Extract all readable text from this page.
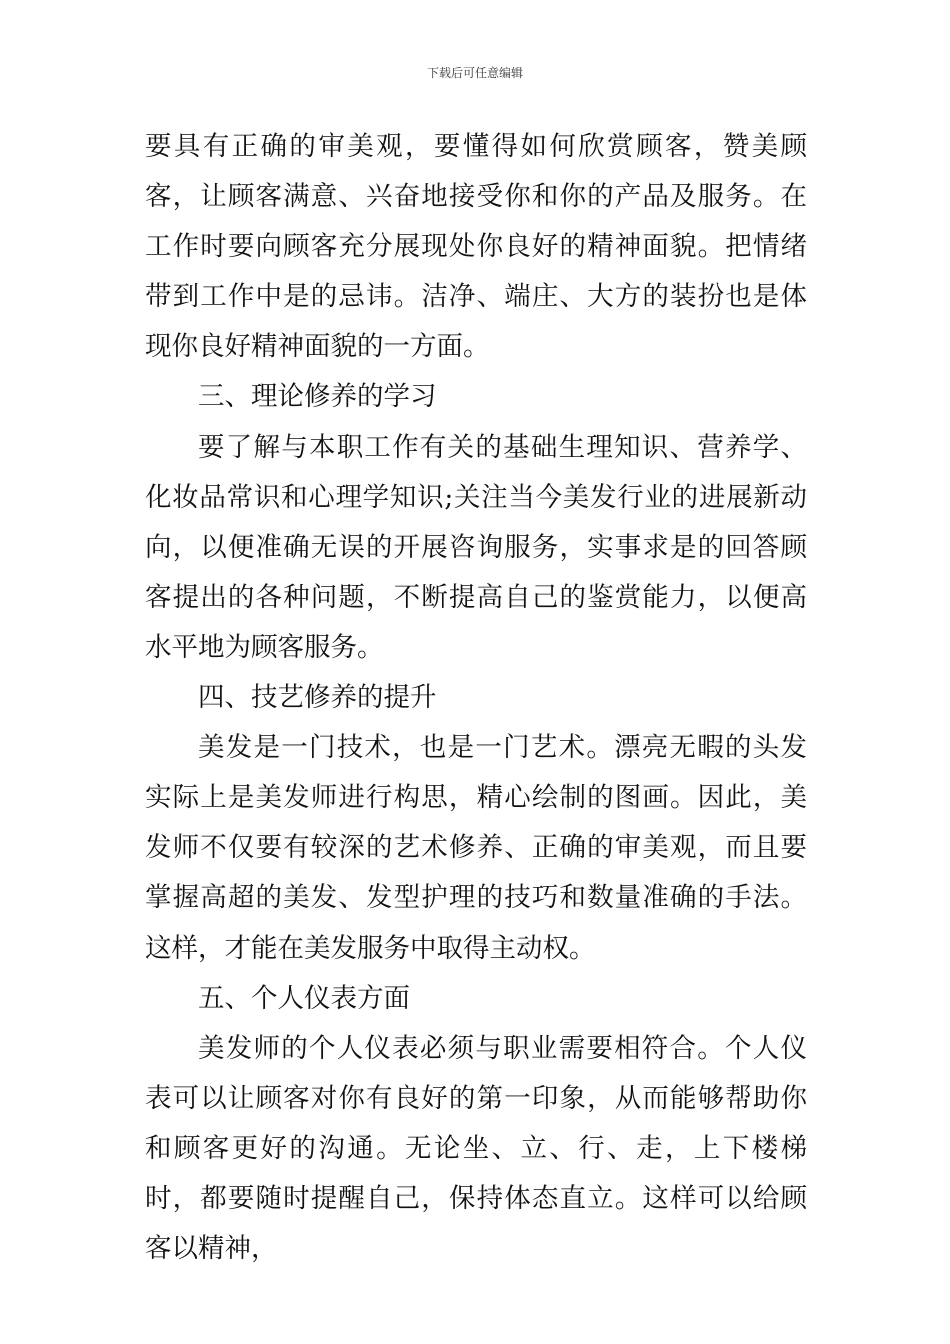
下载后可任意编辑

要具有正确的审美观，要懂得如何欣赏顾客，赞美顾客，让顾客满意、兴奋地接受你和你的产品及服务。在工作时要向顾客充分展现处你良好的精神面貌。把情绪带到工作中是的忌讳。洁净、端庄、大方的装扮也是体现你良好精神面貌的一方面。

三、理论修养的学习

要了解与本职工作有关的基础生理知识、营养学、化妆品常识和心理学知识;关注当今美发行业的进展新动向，以便准确无误的开展咨询服务，实事求是的回答顾客提出的各种问题，不断提高自己的鉴赏能力，以便高水平地为顾客服务。

四、技艺修养的提升

美发是一门技术，也是一门艺术。漂亮无暇的头发实际上是美发师进行构思，精心绘制的图画。因此，美发师不仅要有较深的艺术修养、正确的审美观，而且要掌握高超的美发、发型护理的技巧和数量准确的手法。这样，才能在美发服务中取得主动权。

五、个人仪表方面

美发师的个人仪表必须与职业需要相符合。个人仪表可以让顾客对你有良好的第一印象，从而能够帮助你和顾客更好的沟通。无论坐、立、行、走，上下楼梯时，都要随时提醒自己，保持体态直立。这样可以给顾客以精神，
